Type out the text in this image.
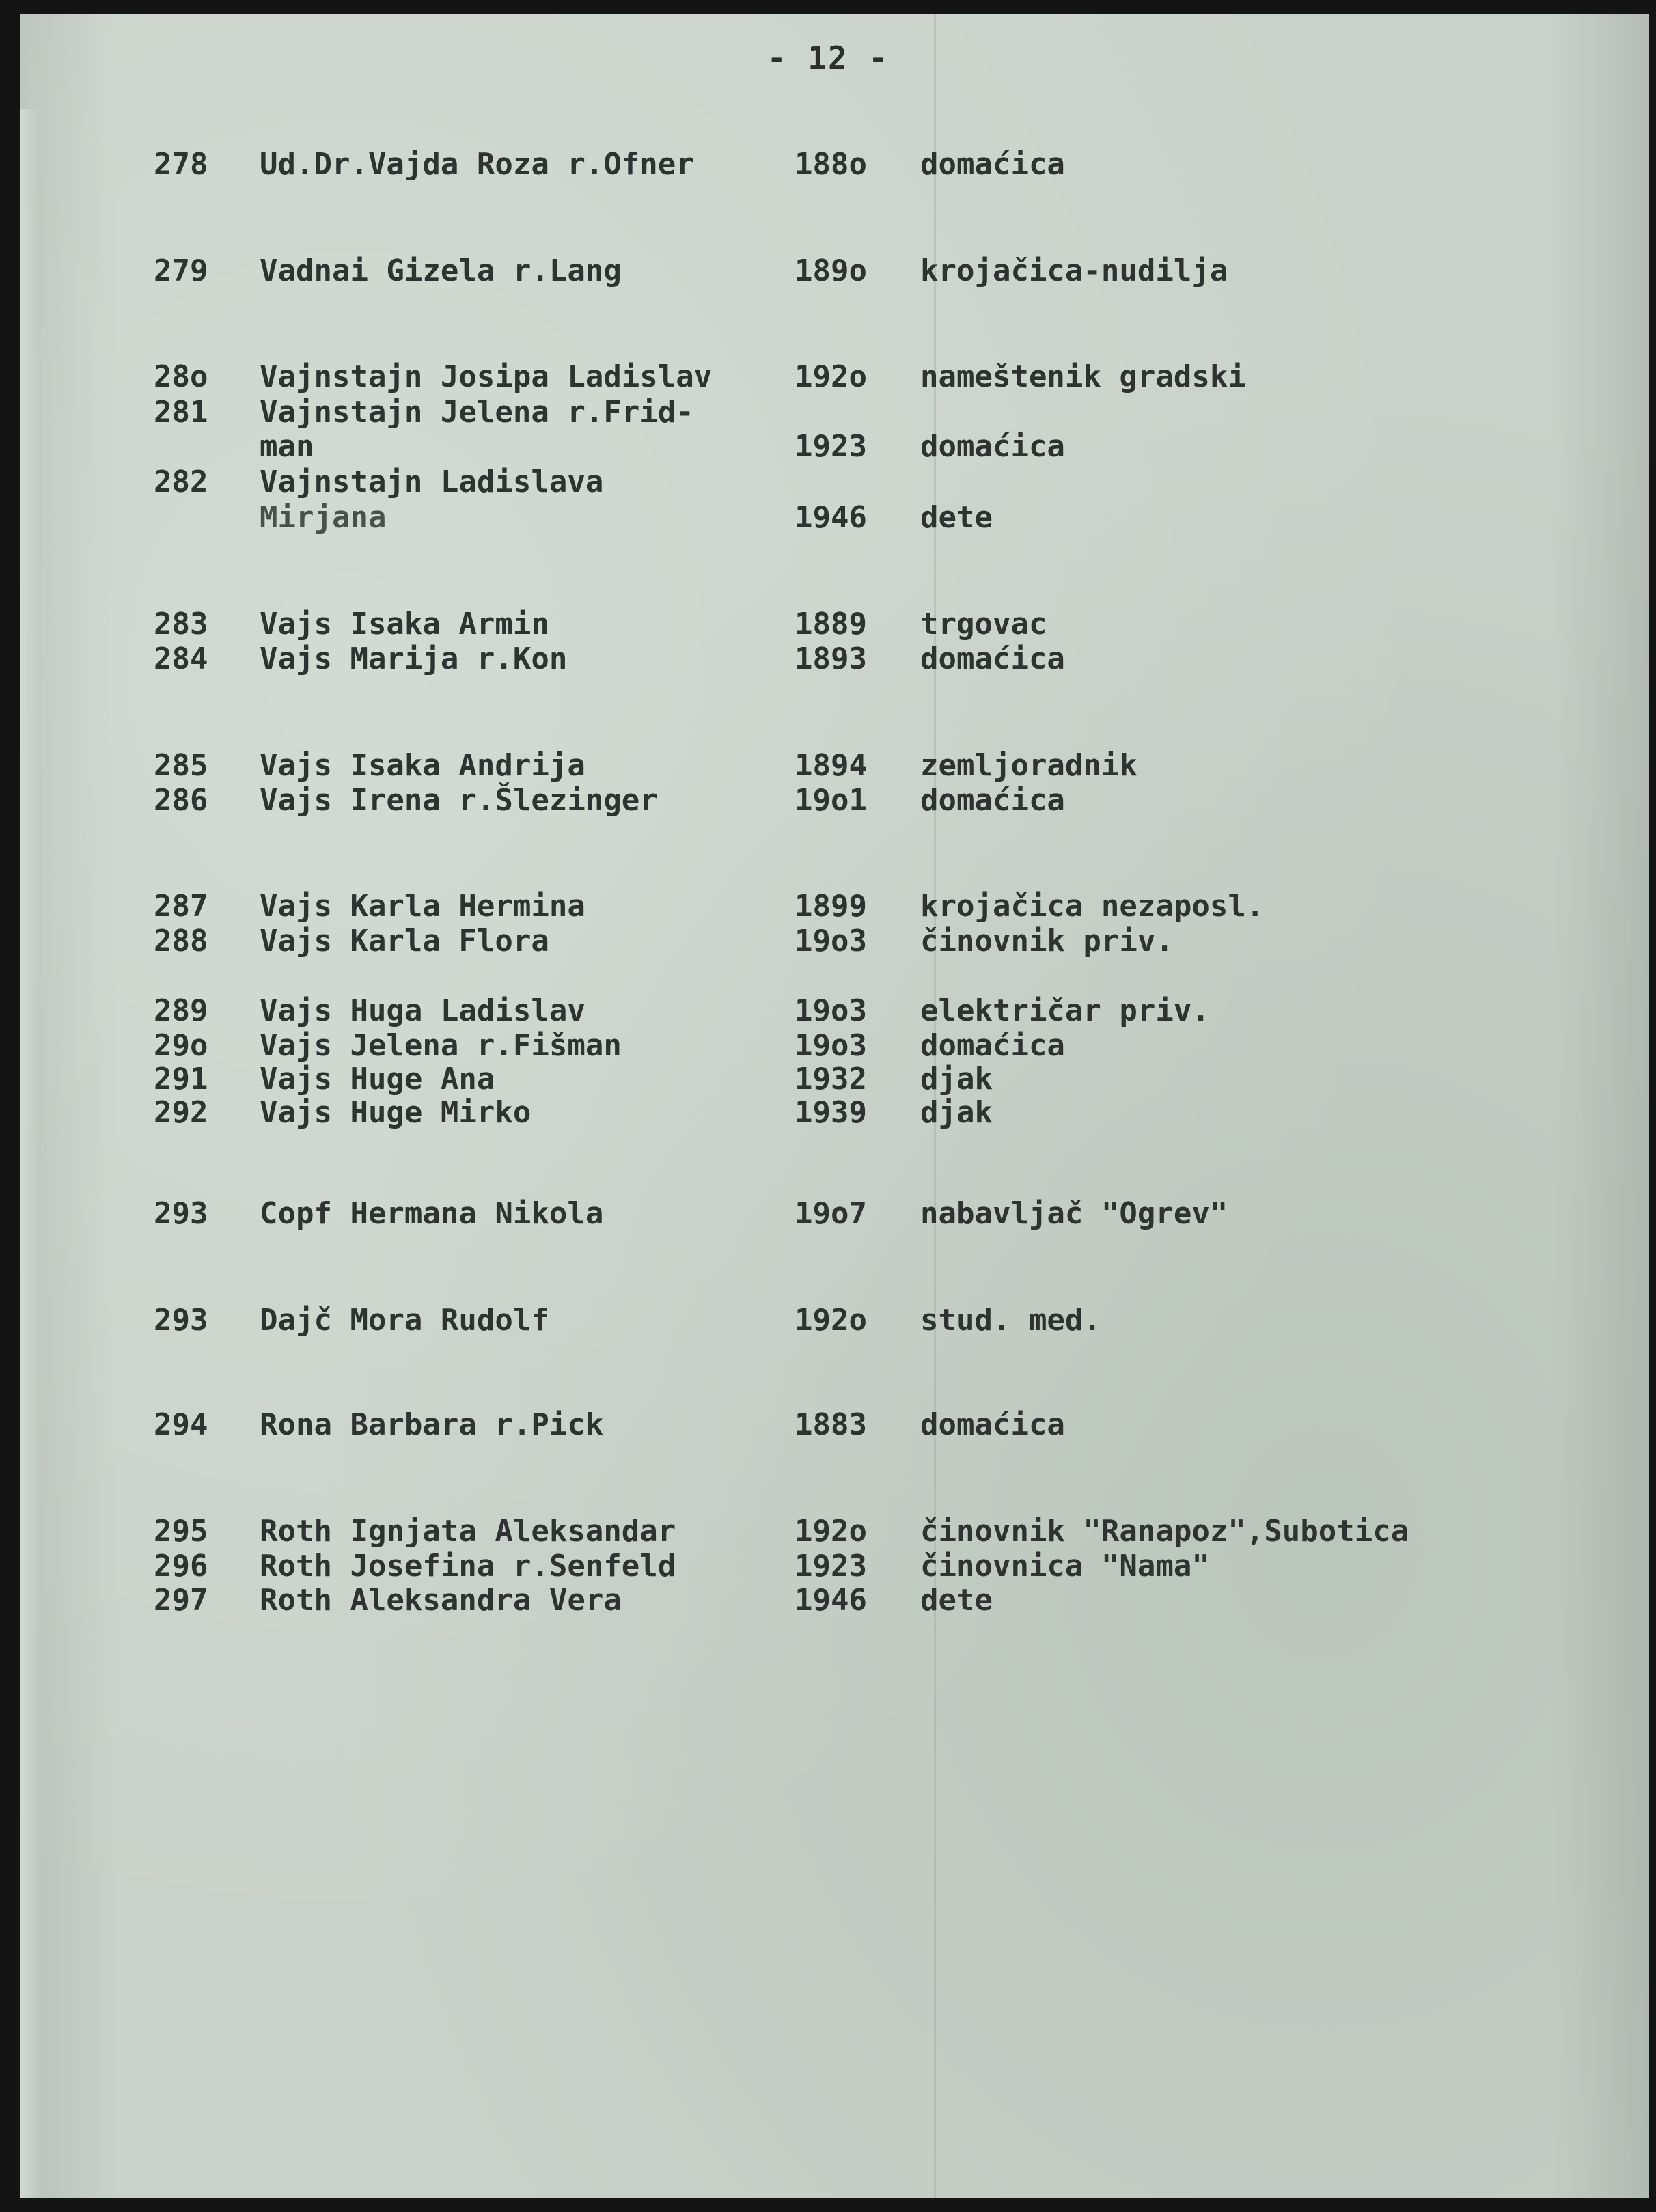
- 12 -
278	Ud.Dr.Vajda Roza r.Ofner	188o domaćica
279	Vadnai Gizela r.Lang	189o krojačica-nudilja
28o	Vajnstajn Josipa Ladislav	192o nameštenik gradski
281	Vajnstajn Jelena r.Frid-
man	1923 domaćica
282	Vajnstajn Ladislava
Mirjana	1946 dete
283	Vajs Isaka Armin	1889 trgovac
284	Vajs Marija r.Kon	1893 domaćica
285	Vajs Isaka Andrija	1894 zemljoradnik
286	Vajs Irena r.Šlezinger	19o1 domaćica
287	Vajs Karla Hermina	1899 krojačica nezaposl.
288	Vajs Karla Flora	19o3 činovnik priv.
289	Vajs Huga Ladislav	19o3 električar priv.
29o	Vajs Jelena r.Fišman	19o3 domaćica
291	Vajs Huge Ana	1932 djak
292	Vajs Huge Mirko	1939 djak
293	Copf Hermana Nikola	19o7 nabavljač "Ogrev"
293	Dajč Mora Rudolf	192o stud. med.
294	Rona Barbara r.Pick	1883 domaćica
295	Roth Ignjata Aleksandar	192o činovnik "Ranapoz",Subotica
296	Roth Josefina r.Senfeld	1923 činovnica "Nama"
297	Roth Aleksandra Vera	1946 dete
